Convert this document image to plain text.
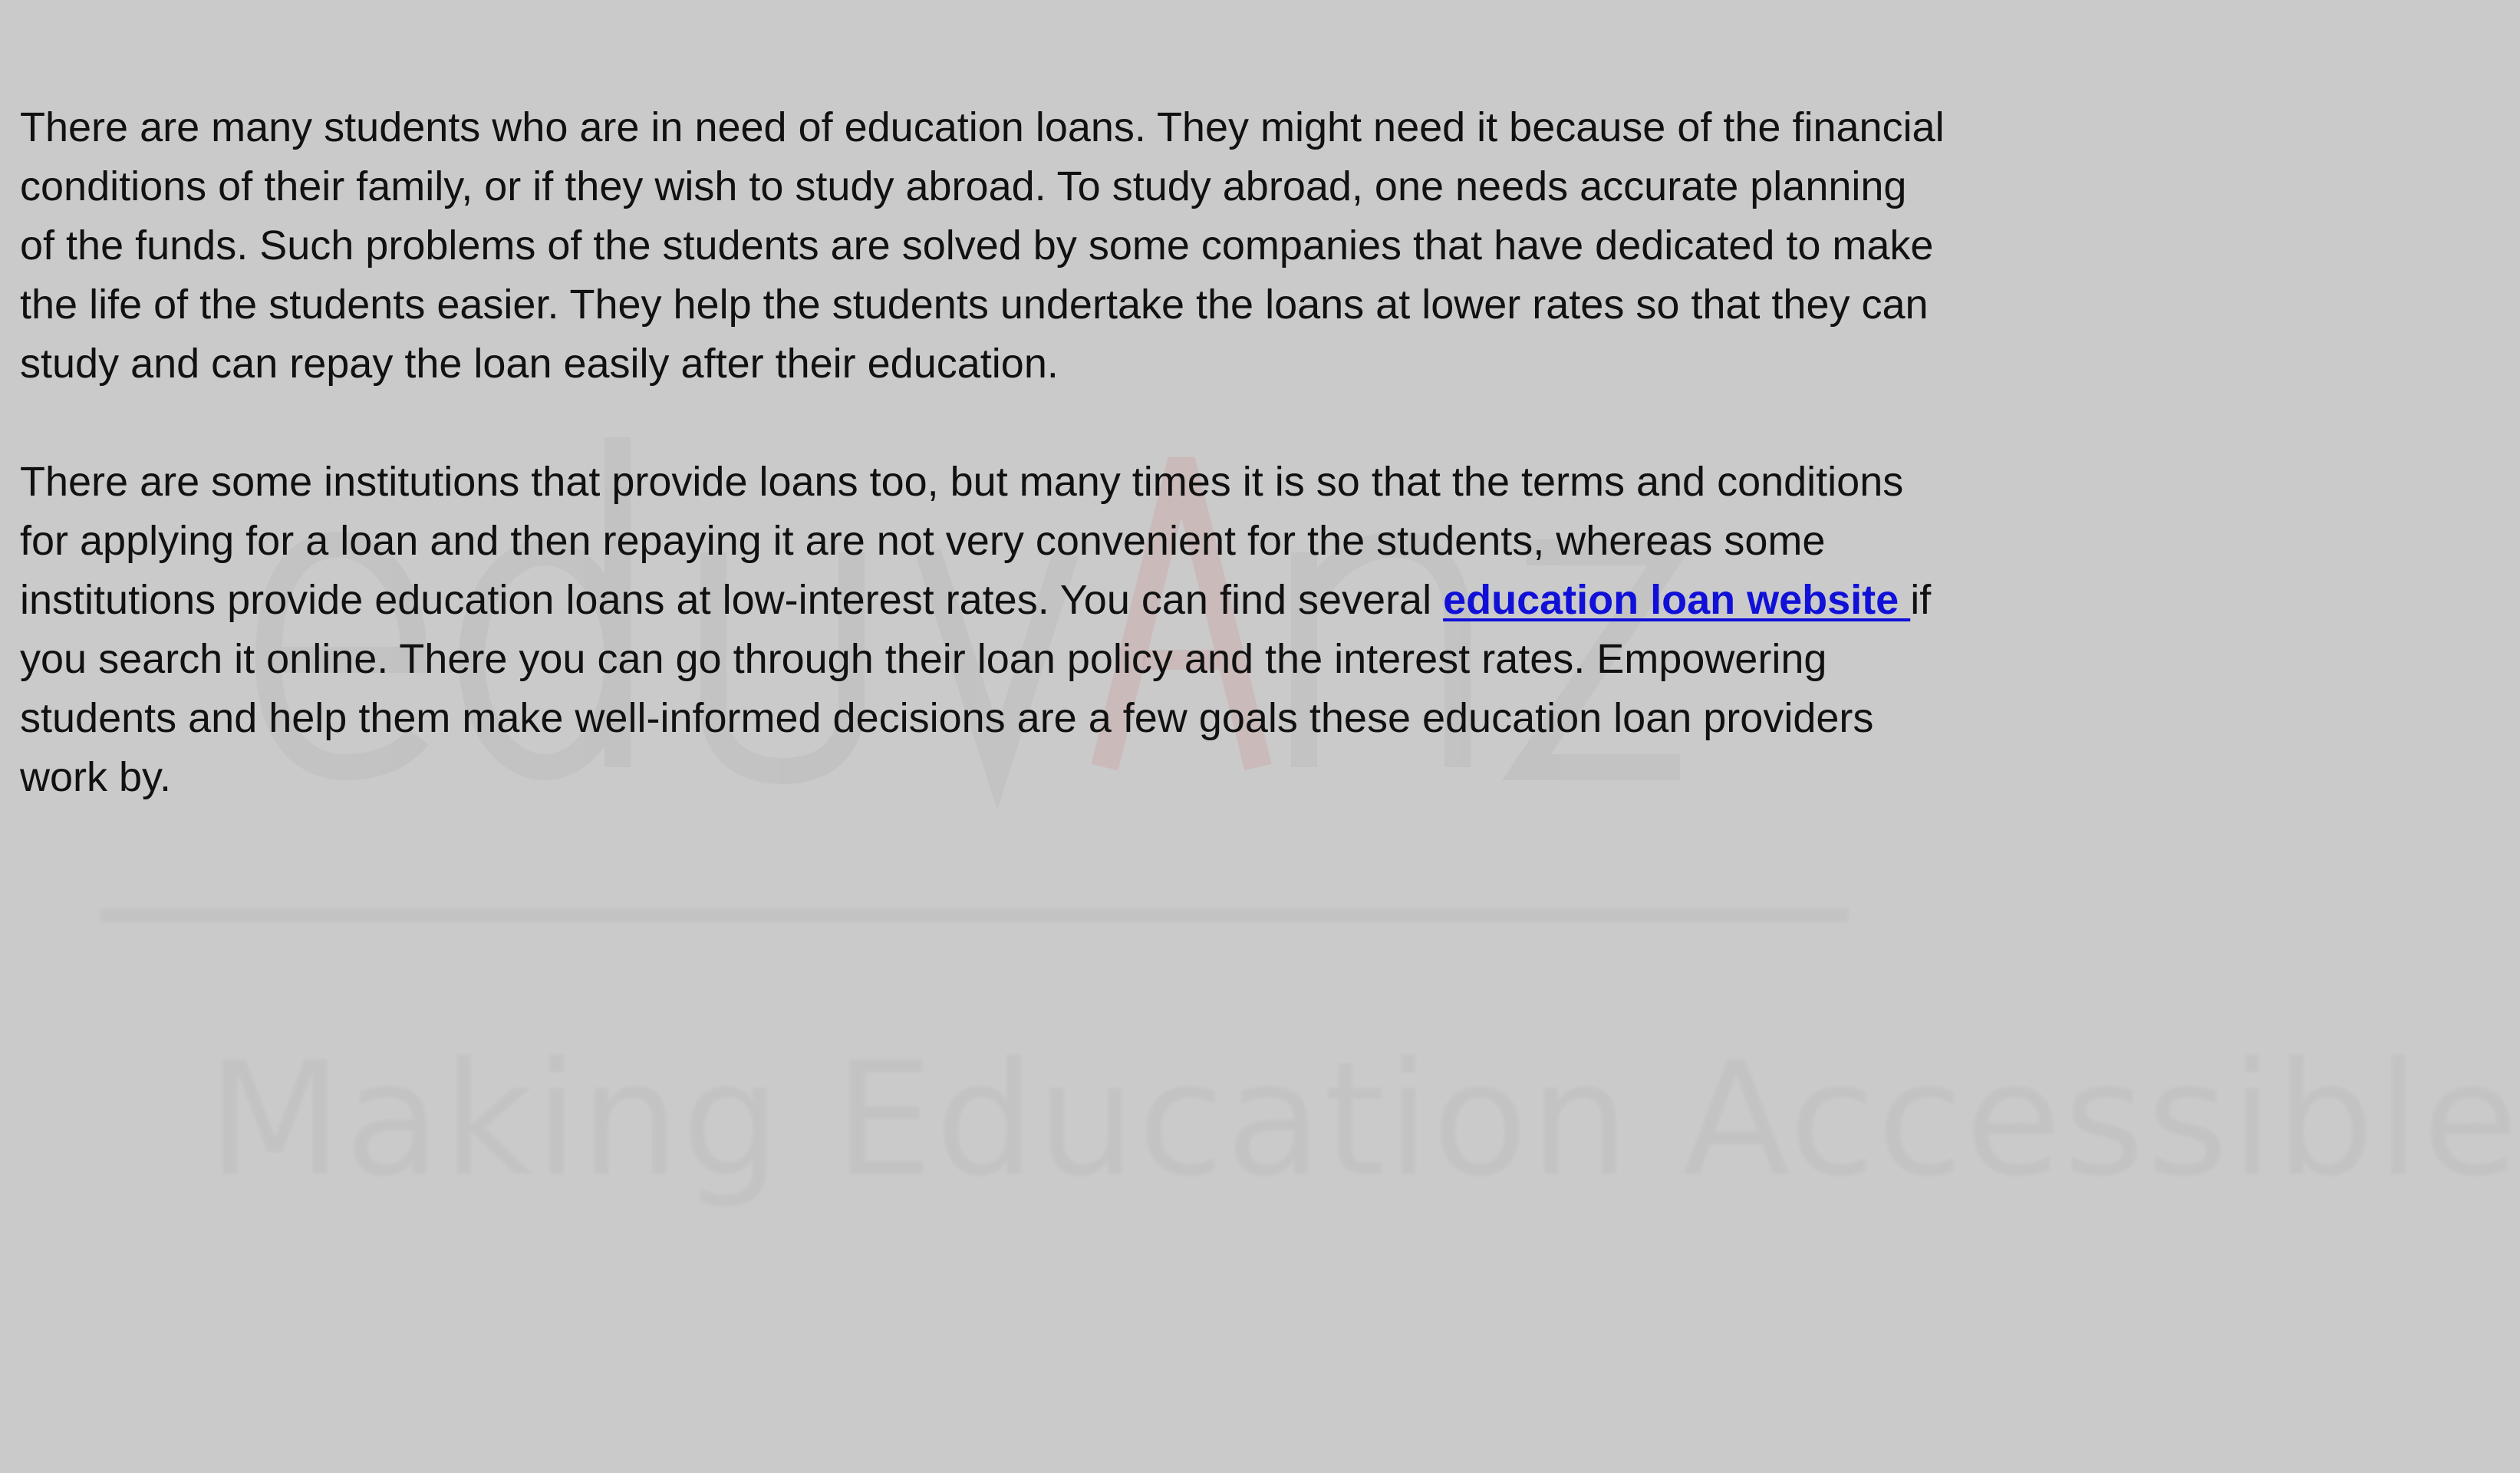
Making Education Accessible

There are many students who are in need of education loans. They might need it because of the financial conditions of their family, or if they wish to study abroad. To study abroad, one needs accurate planning of the funds. Such problems of the students are solved by some companies that have dedicated to make the life of the students easier. They help the students undertake the loans at lower rates so that they can study and can repay the loan easily after their education.

There are some institutions that provide loans too, but many times it is so that the terms and conditions for applying for a loan and then repaying it are not very convenient for the students, whereas some institutions provide education loans at low-interest rates. You can find several education loan website if you search it online. There you can go through their loan policy and the interest rates. Empowering students and help them make well-informed decisions are a few goals these education loan providers work by.
